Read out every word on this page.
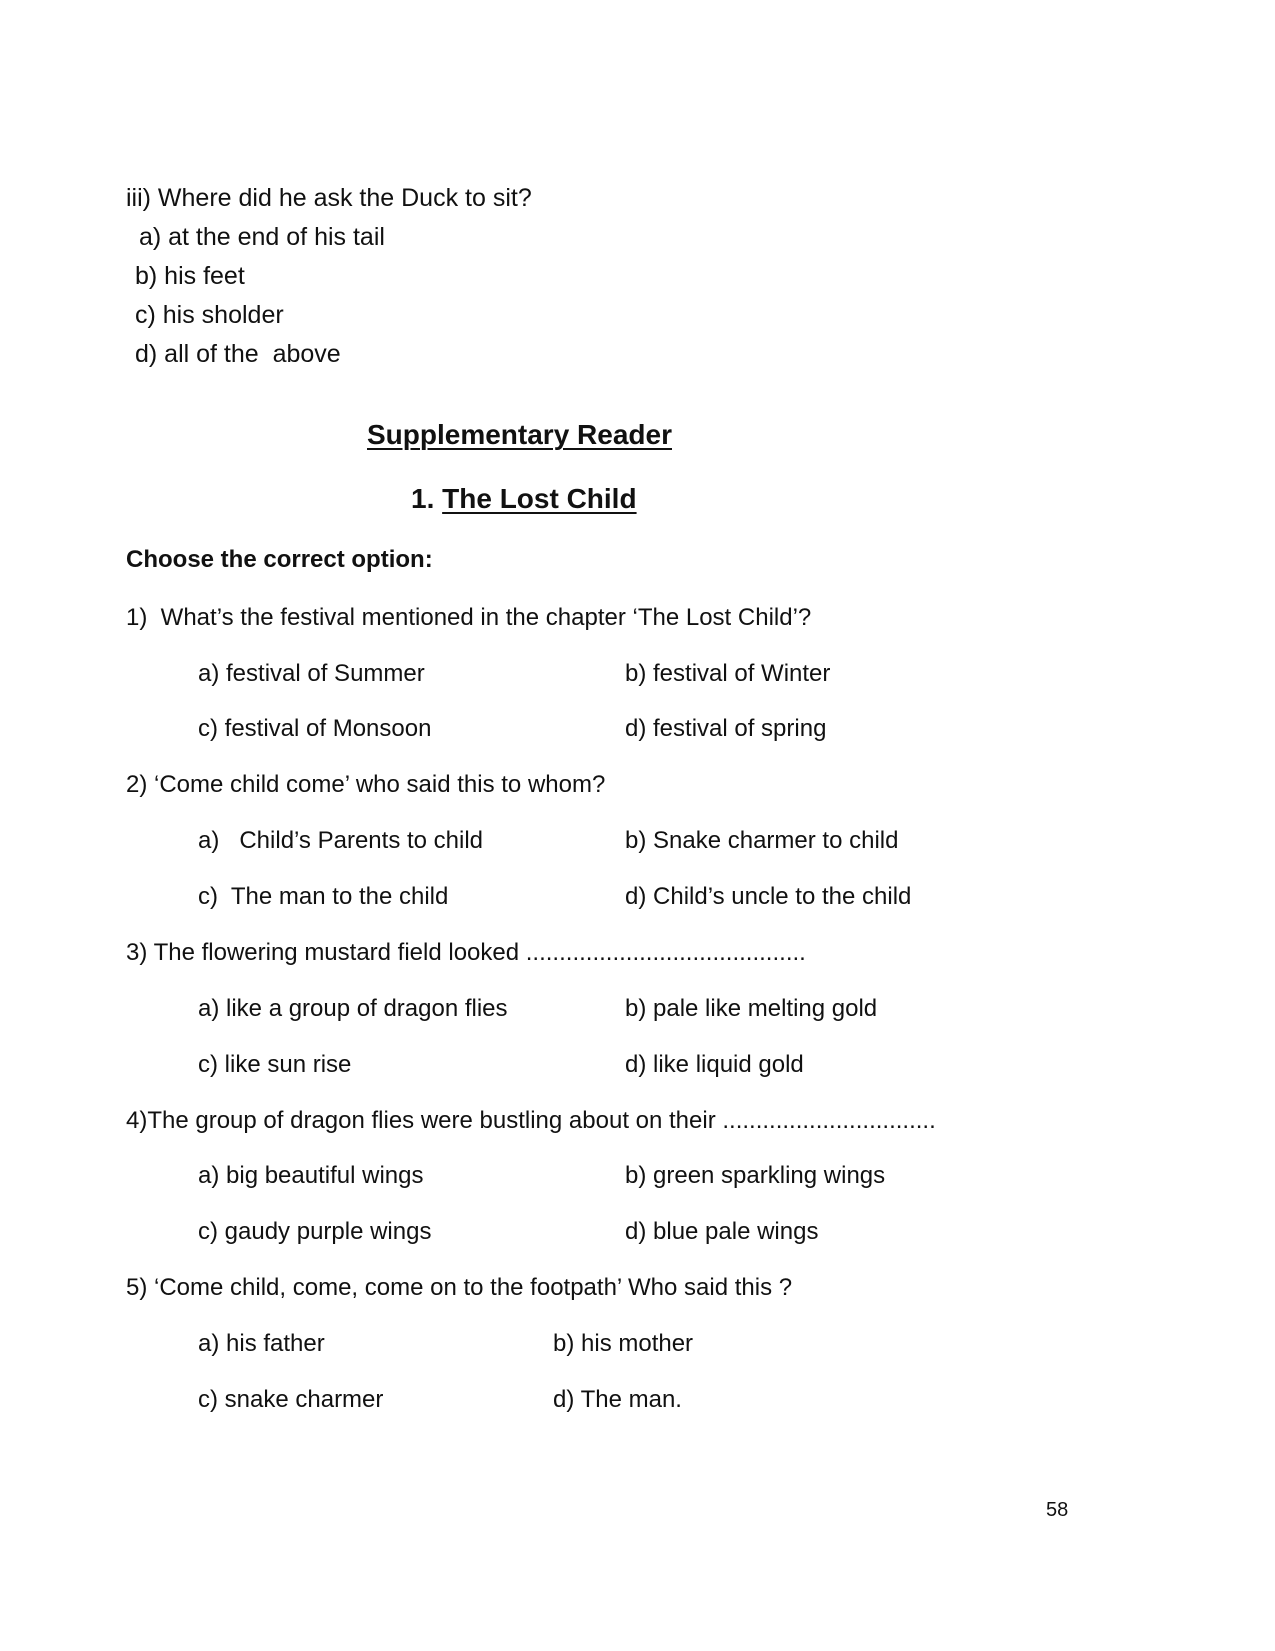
iii) Where did he ask the Duck to sit?
a) at the end of his tail
b) his feet
c) his sholder
d) all of the  above
Supplementary Reader
1. The Lost Child
Choose the correct option:
1)  What’s the festival mentioned in the chapter ‘The Lost Child’?
a) festival of Summer	b) festival of Winter
c) festival of Monsoon	d) festival of spring
2) ‘Come child come’ who said this to whom?
a)   Child’s Parents to child	b) Snake charmer to child
c)  The man to the child	d) Child’s uncle to the child
3) The flowering mustard field looked ..........................................
a) like a group of dragon flies	b) pale like melting gold
c) like sun rise	d) like liquid gold
4)The group of dragon flies were bustling about on their ................................
a) big beautiful wings	b) green sparkling wings
c) gaudy purple wings	d) blue pale wings
5) ‘Come child, come, come on to the footpath’ Who said this ?
a) his father	b) his mother
c) snake charmer	d) The man.
58
